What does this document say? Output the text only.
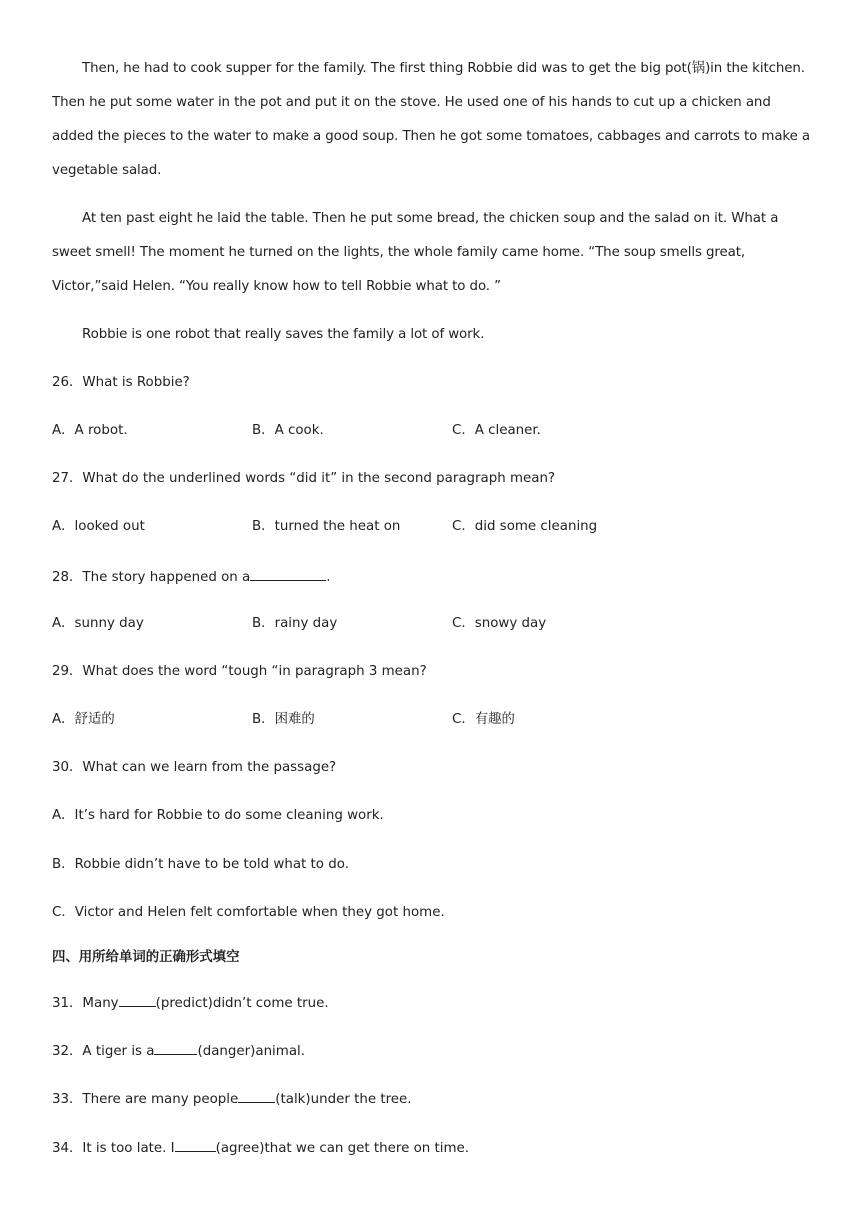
Then, he had to cook supper for the family. The first thing Robbie did was to get the big pot(锅)in the kitchen. Then he put some water in the pot and put it on the stove. He used one of his hands to cut up a chicken and added the pieces to the water to make a good soup. Then he got some tomatoes, cabbages and carrots to make a vegetable salad.

At ten past eight he laid the table. Then he put some bread, the chicken soup and the salad on it. What a sweet smell! The moment he turned on the lights, the whole family came home. “The soup smells great, Victor,”said Helen. “You really know how to tell Robbie what to do. ”

Robbie is one robot that really saves the family a lot of work.

26．What is Robbie?
A．A robot.	B．A cook.	C．A cleaner.
27．What do the underlined words “did it” in the second paragraph mean?
A．looked out	B．turned the heat on	C．did some cleaning
28．The story happened on a	.
A．sunny day	B．rainy day	C．snowy day
29．What does the word “tough “in paragraph 3 mean?
A．舒适的	B．困难的	C．有趣的
30．What can we learn from the passage?
A．It’s hard for Robbie to do some cleaning work.
B．Robbie didn’t have to be told what to do.
C．Victor and Helen felt comfortable when they got home.
四、用所给单词的正确形式填空
31．Many	(predict)didn’t come true.
32．A tiger is a	(danger)animal.
33．There are many people	(talk)under the tree.
34．It is too late. I	(agree)that we can get there on time.
